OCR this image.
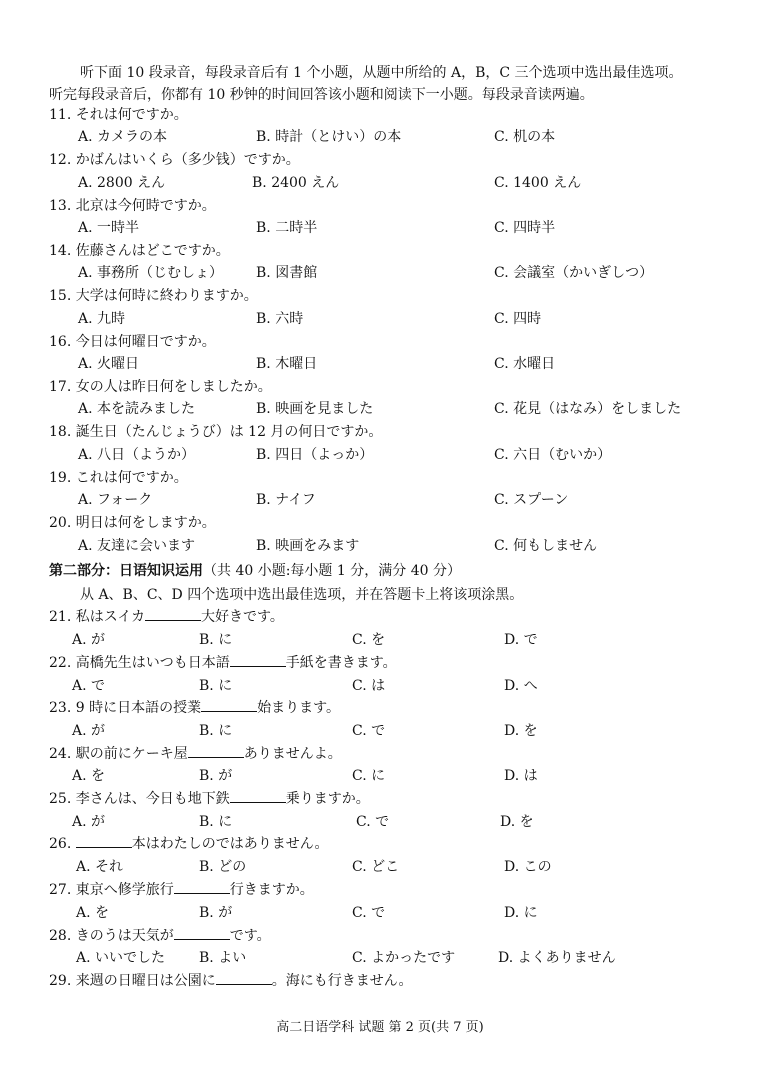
听下面 10 段录音，每段录音后有 1 个小题，从题中所给的 A，B，C 三个选项中选出最佳选项。
听完每段录音后，你都有 10 秒钟的时间回答该小题和阅读下一小题。每段录音读两遍。
11. それは何ですか。
A. カメラの本	B. 時計（とけい）の本	C. 机の本
12. かばんはいくら（多少钱）ですか。
A. 2800 えん	B. 2400 えん	C. 1400 えん
13. 北京は今何時ですか。
A. 一時半	B. 二時半	C. 四時半
14. 佐藤さんはどこですか。
A. 事務所（じむしょ） B. 図書館	C. 会議室（かいぎしつ）
15. 大学は何時に終わりますか。
A. 九時	B. 六時	C. 四時
16. 今日は何曜日ですか。
A. 火曜日	B. 木曜日	C. 水曜日
17. 女の人は昨日何をしましたか。
A. 本を読みました	B. 映画を見ました	C. 花見（はなみ）をしました
18. 誕生日（たんじょうび）は 12 月の何日ですか。
A. 八日（ようか）	B. 四日（よっか）	C. 六日（むいか）
19. これは何ですか。
A. フォーク	B. ナイフ	C. スプーン
20. 明日は何をしますか。
A. 友達に会います	B. 映画をみます	C. 何もしません
第二部分：日语知识运用（共 40 小题:每小题 1 分，满分 40 分）
从 A、B、C、D 四个选项中选出最佳选项，并在答题卡上将该项涂黑。
21. 私はスイカ	大好きです。
A. が	B. に	C. を	D. で
22. 高橋先生はいつも日本語	手紙を書きます。
A. で	B. に	C. は	D. へ
23. 9 時に日本語の授業	始まります。
A. が	B. に	C. で	D. を
24. 駅の前にケーキ屋	ありませんよ。
A. を	B. が	C. に	D. は
25. 李さんは、今日も地下鉄	乗りますか。
A. が	B. に	C. で	D. を
26.	本はわたしのではありません。
A. それ	B. どの	C. どこ	D. この
27. 東京へ修学旅行	行きますか。
A. を	B. が	C. で	D. に
28. きのうは天気が	です。
A. いいでした B. よい	C. よかったです	D. よくありません
29. 来週の日曜日は公園に	。海にも行きません。
高二日语学科 试题 第 2 页(共 7 页)
